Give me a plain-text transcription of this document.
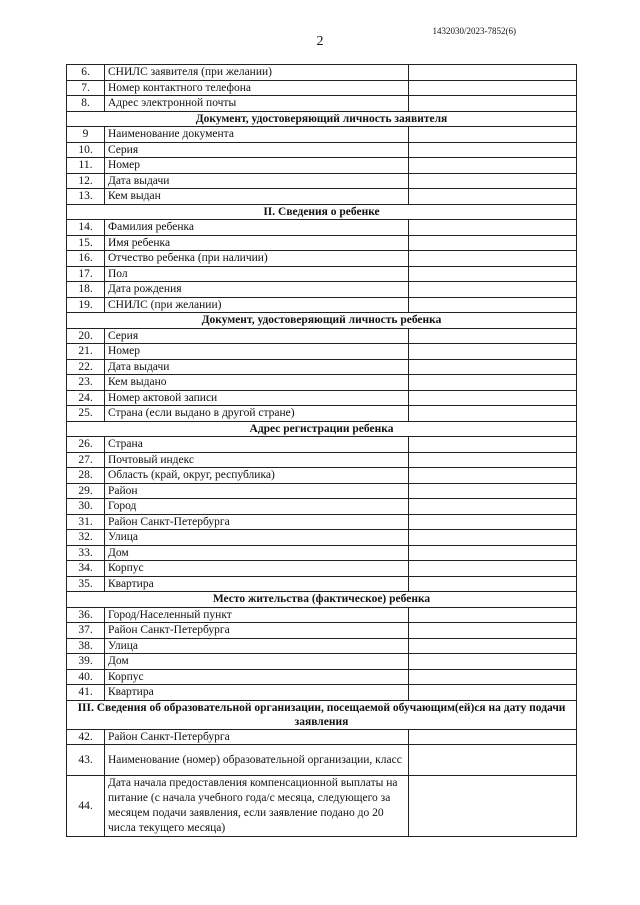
1432030/2023-7852(6)
2
6.	СНИЛС заявителя (при желании)	
7.	Номер контактного телефона	
8.	Адрес электронной почты	
Документ, удостоверяющий личность заявителя		
9	Наименование документа	
10.	Серия	
11.	Номер	
12.	Дата выдачи	
13.	Кем выдан	
II. Сведения о ребенке		
14.	Фамилия ребенка	
15.	Имя ребенка	
16.	Отчество ребенка (при наличии)	
17.	Пол	
18.	Дата рождения	
19.	СНИЛС (при желании)	
Документ, удостоверяющий личность ребенка		
20.	Серия	
21.	Номер	
22.	Дата выдачи	
23.	Кем выдано	
24.	Номер актовой записи	
25.	Страна (если выдано в другой стране)	
Адрес регистрации ребенка		
26.	Страна	
27.	Почтовый индекс	
28.	Область (край, округ, республика)	
29.	Район	
30.	Город	
31.	Район Санкт-Петербурга	
32.	Улица	
33.	Дом	
34.	Корпус	
35.	Квартира	
Место жительства (фактическое) ребенка		
36.	Город/Населенный пункт	
37.	Район Санкт-Петербурга	
38.	Улица	
39.	Дом	
40.	Корпус	
41.	Квартира	
III. Сведения об образовательной организации, посещаемой обучающим(ей)ся на дату подачи заявления		
42.	Район Санкт-Петербурга	
43.	Наименование (номер) образовательной организации, класс	
44.	Дата начала предоставления компенсационной выплаты на питание (с начала учебного года/с месяца, следующего за месяцем подачи заявления, если заявление подано до 20 числа текущего месяца)	
